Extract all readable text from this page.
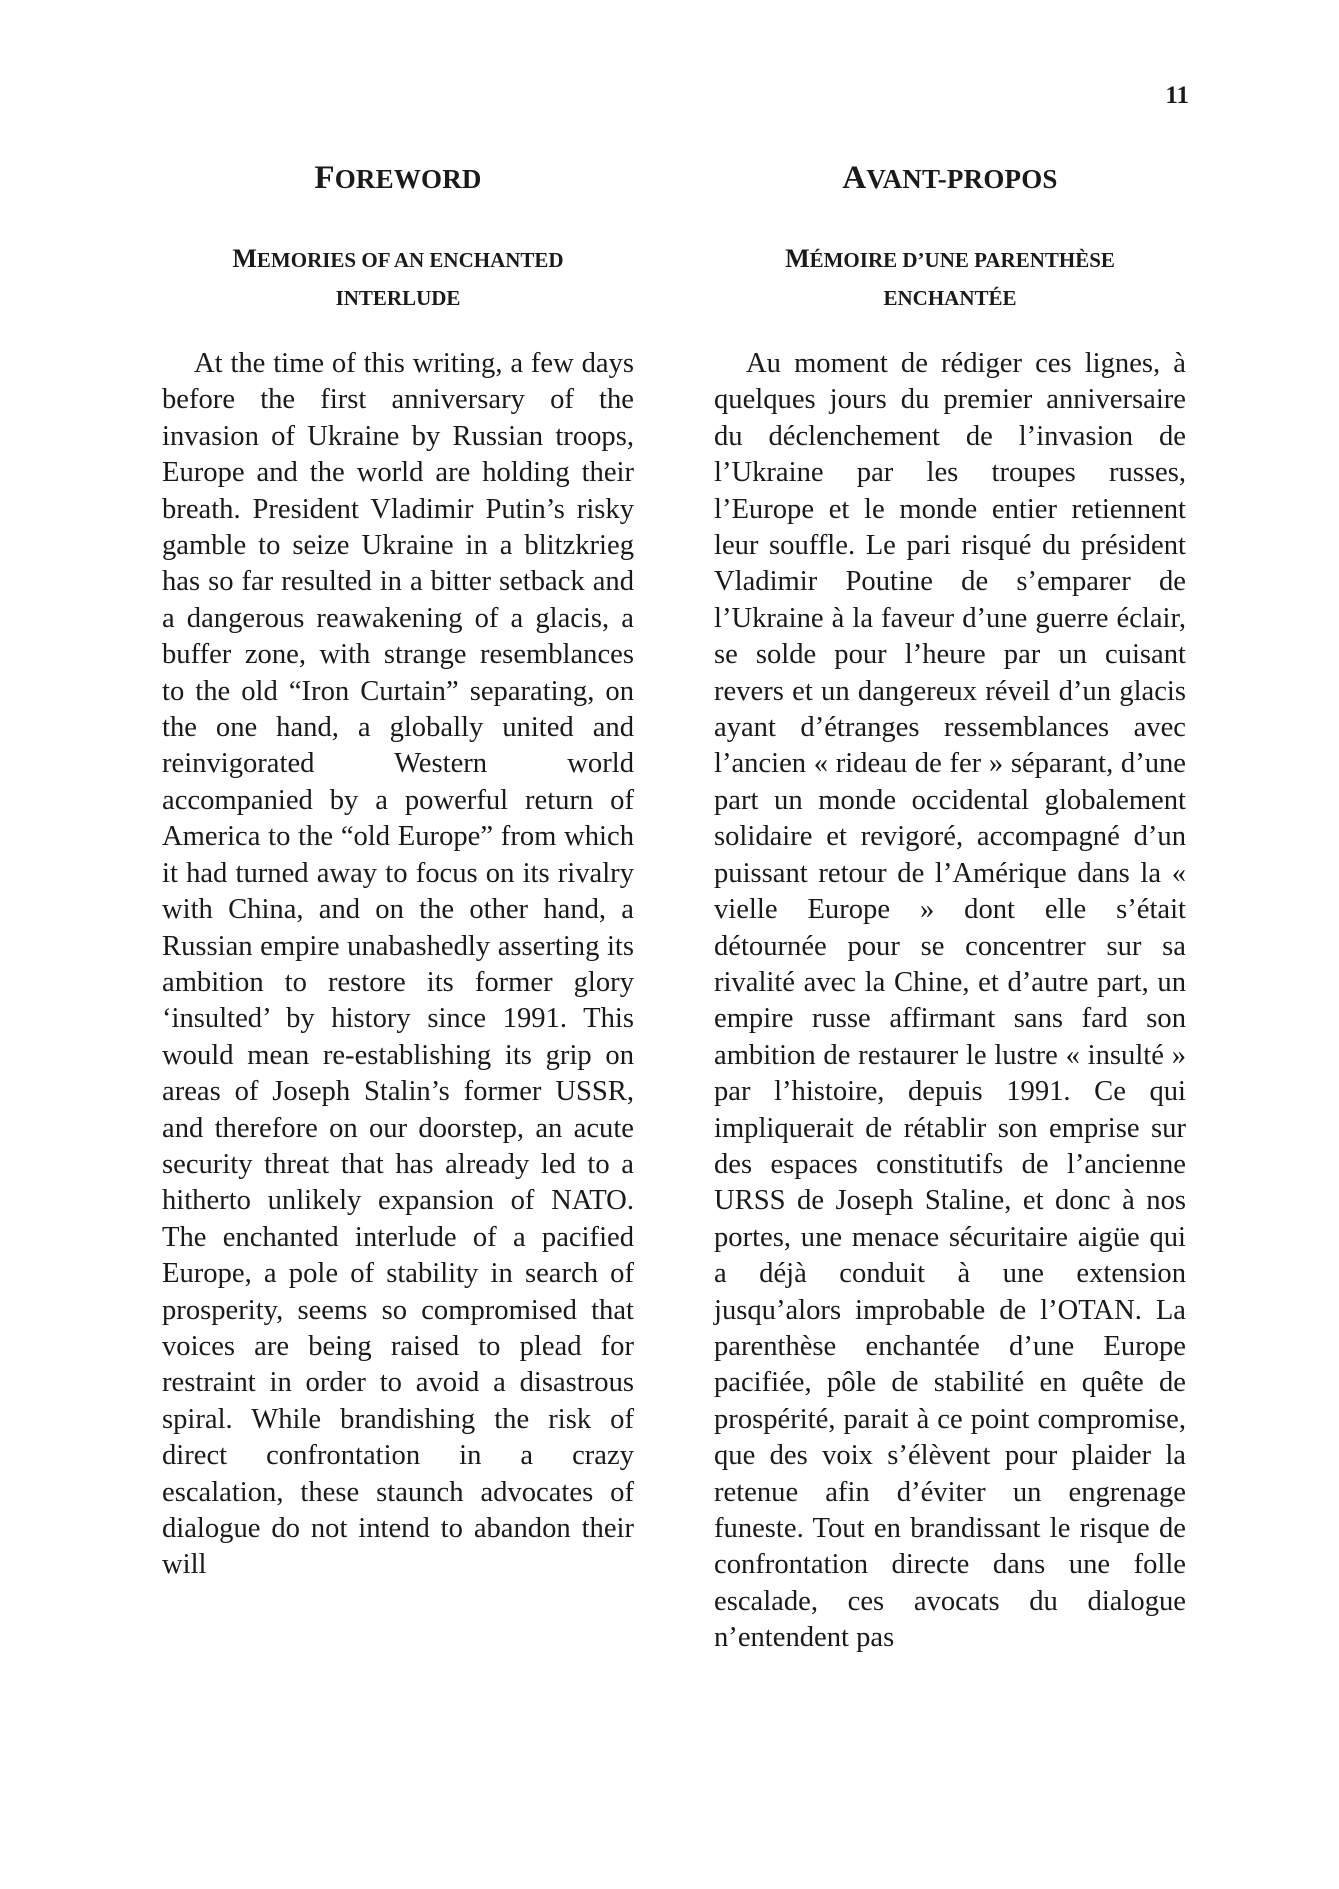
11
FOREWORD
MEMORIES OF AN ENCHANTED INTERLUDE

At the time of this writing, a few days before the first anniversary of the invasion of Ukraine by Russian troops, Europe and the world are holding their breath. President Vladimir Putin’s risky gamble to seize Ukraine in a blitzkrieg has so far resulted in a bitter setback and a dangerous reawakening of a glacis, a buffer zone, with strange resemblances to the old “Iron Curtain” separating, on the one hand, a globally united and reinvigorated Western world accompanied by a powerful return of America to the “old Europe” from which it had turned away to focus on its rivalry with China, and on the other hand, a Russian empire unabashedly asserting its ambition to restore its former glory ‘insulted’ by history since 1991. This would mean re-establishing its grip on areas of Joseph Stalin’s former USSR, and therefore on our doorstep, an acute security threat that has already led to a hitherto unlikely expansion of NATO. The enchanted interlude of a pacified Europe, a pole of stability in search of prosperity, seems so compromised that voices are being raised to plead for restraint in order to avoid a disastrous spiral. While brandishing the risk of direct confrontation in a crazy escalation, these staunch advocates of dialogue do not intend to abandon their will

AVANT-PROPOS
MÉMOIRE D’UNE PARENTHÈSE ENCHANTÉE

Au moment de rédiger ces lignes, à quelques jours du premier anniversaire du déclenchement de l’invasion de l’Ukraine par les troupes russes, l’Europe et le monde entier retiennent leur souffle. Le pari risqué du président Vladimir Poutine de s’emparer de l’Ukraine à la faveur d’une guerre éclair, se solde pour l’heure par un cuisant revers et un dangereux réveil d’un glacis ayant d’étranges ressemblances avec l’ancien « rideau de fer » séparant, d’une part un monde occidental globalement solidaire et revigoré, accompagné d’un puissant retour de l’Amérique dans la « vielle Europe » dont elle s’était détournée pour se concentrer sur sa rivalité avec la Chine, et d’autre part, un empire russe affirmant sans fard son ambition de restaurer le lustre « insulté » par l’histoire, depuis 1991. Ce qui impliquerait de rétablir son emprise sur des espaces constitutifs de l’ancienne URSS de Joseph Staline, et donc à nos portes, une menace sécuritaire aigüe qui a déjà conduit à une extension jusqu’alors improbable de l’OTAN. La parenthèse enchantée d’une Europe pacifiée, pôle de stabilité en quête de prospérité, parait à ce point compromise, que des voix s’élèvent pour plaider la retenue afin d’éviter un engrenage funeste. Tout en brandissant le risque de confrontation directe dans une folle escalade, ces avocats du dialogue n’entendent pas
